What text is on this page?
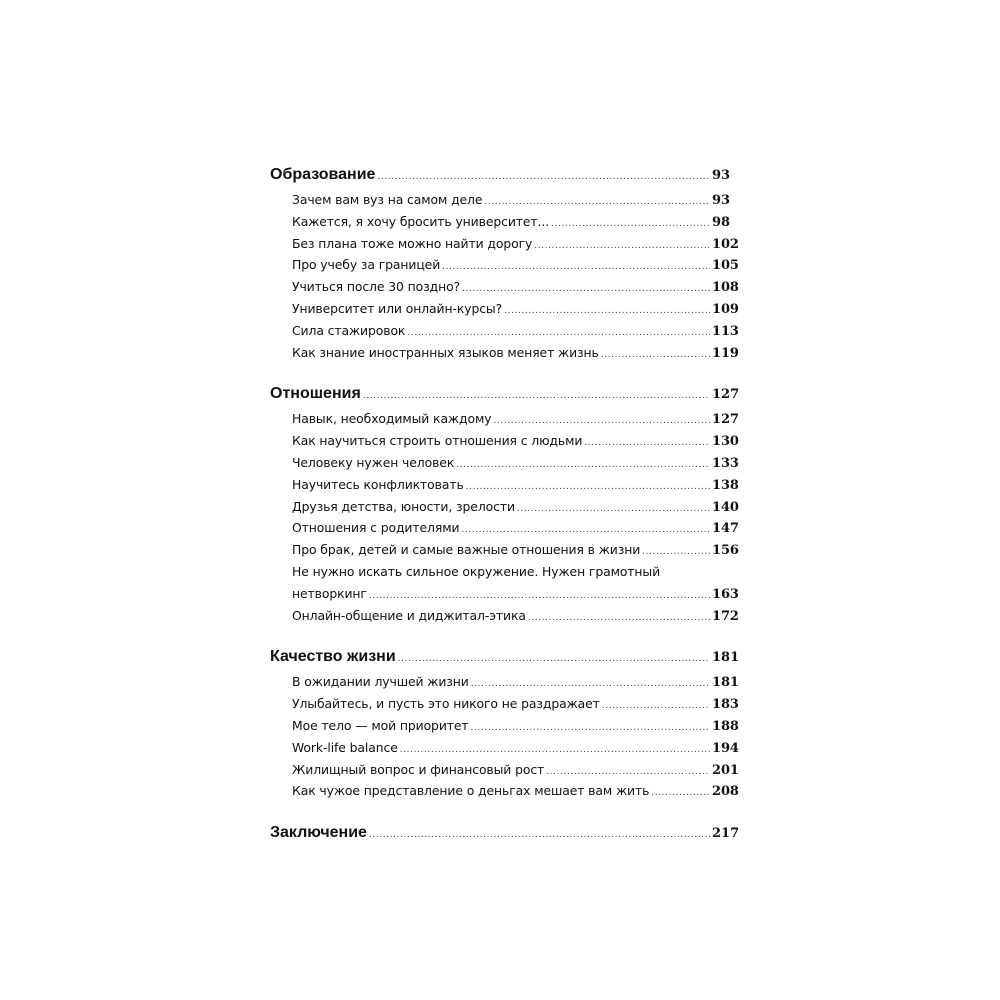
Образование .....	93
Зачем вам вуз на самом деле .....	93
Кажется, я хочу бросить университет... .....	98
Без плана тоже можно найти дорогу .....	102
Про учебу за границей .....	105
Учиться после 30 поздно? .....	108
Университет или онлайн-курсы? .....	109
Сила стажировок .....	113
Как знание иностранных языков меняет жизнь .....	119
Отношения .....	127
Навык, необходимый каждому .....	127
Как научиться строить отношения с людьми .....	130
Человеку нужен человек .....	133
Научитесь конфликтовать .....	138
Друзья детства, юности, зрелости .....	140
Отношения с родителями .....	147
Про брак, детей и самые важные отношения в жизни .....	156
Не нужно искать сильное окружение. Нужен грамотный
нетворкинг .....	163
Онлайн-общение и диджитал-этика .....	172
Качество жизни .....	181
В ожидании лучшей жизни .....	181
Улыбайтесь, и пусть это никого не раздражает .....	183
Мое тело — мой приоритет .....	188
Work-life balance .....	194
Жилищный вопрос и финансовый рост .....	201
Как чужое представление о деньгах мешает вам жить .....	208
Заключение .....	217
